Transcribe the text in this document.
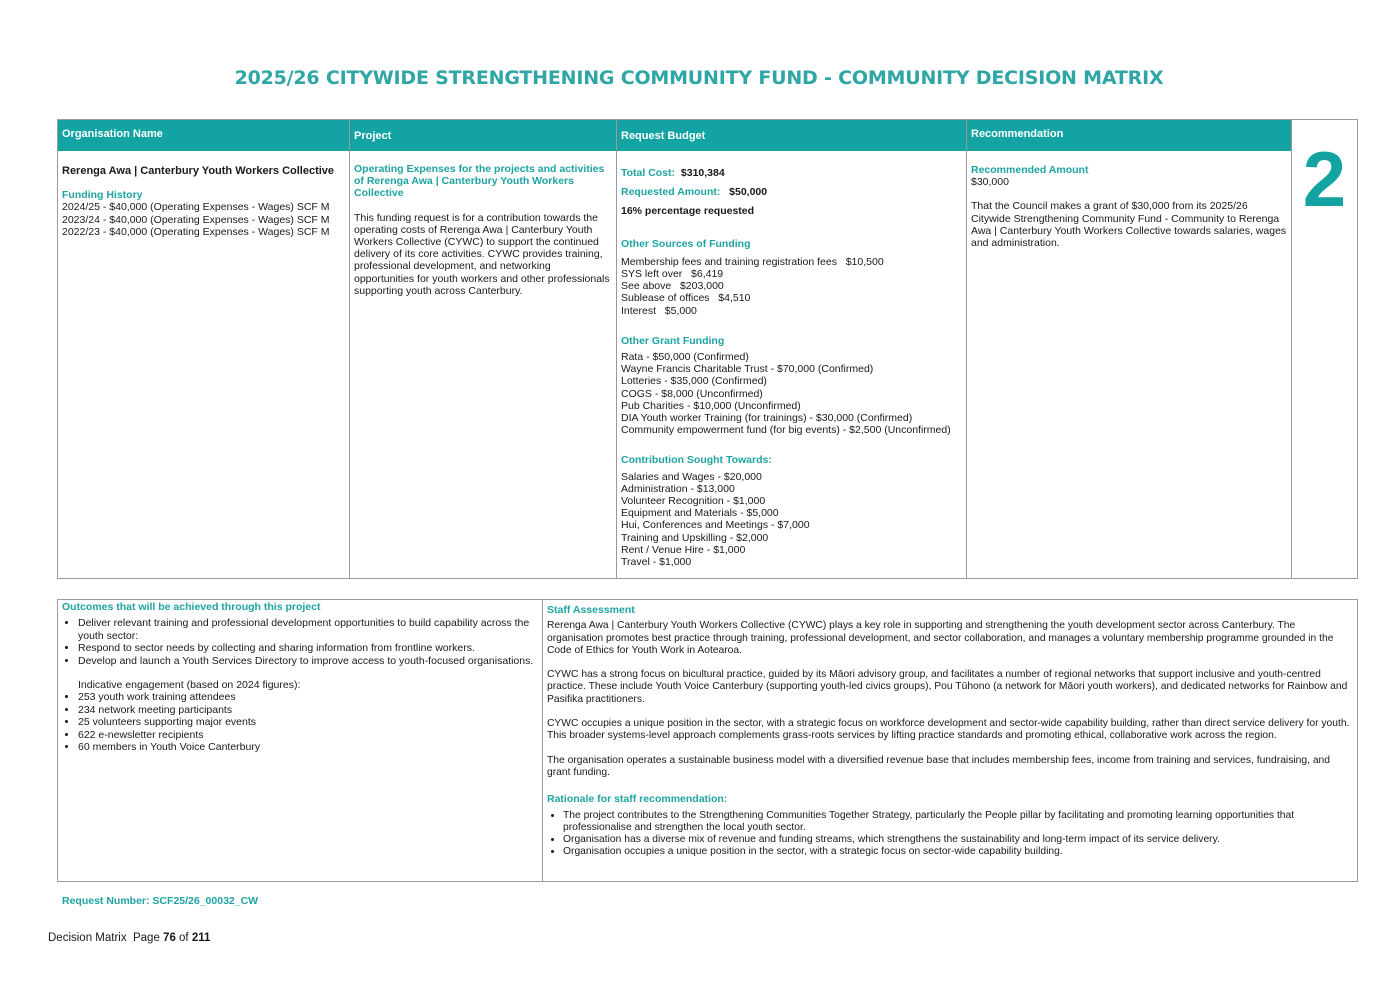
2025/26 CITYWIDE STRENGTHENING COMMUNITY FUND - COMMUNITY DECISION MATRIX
Organisation Name
Rerenga Awa | Canterbury Youth Workers Collective
Funding History
2024/25 - $40,000 (Operating Expenses - Wages) SCF M
2023/24 - $40,000 (Operating Expenses - Wages) SCF M
2022/23 - $40,000 (Operating Expenses - Wages) SCF M
Project
Operating Expenses for the projects and activities of Rerenga Awa | Canterbury Youth Workers Collective
This funding request is for a contribution towards the operating costs of Rerenga Awa | Canterbury Youth Workers Collective (CYWC) to support the continued delivery of its core activities. CYWC provides training, professional development, and networking opportunities for youth workers and other professionals supporting youth across Canterbury.
Request Budget
Total Cost: $310,384
Requested Amount: $50,000
16% percentage requested
Other Sources of Funding
Membership fees and training registration fees   $10,500
SYS left over   $6,419
See above   $203,000
Sublease of offices   $4,510
Interest   $5,000
Other Grant Funding
Rata - $50,000 (Confirmed)
Wayne Francis Charitable Trust - $70,000 (Confirmed)
Lotteries - $35,000 (Confirmed)
COGS - $8,000 (Unconfirmed)
Pub Charities - $10,000 (Unconfirmed)
DIA Youth worker Training (for trainings) - $30,000 (Confirmed)
Community empowerment fund (for big events) - $2,500 (Unconfirmed)
Contribution Sought Towards:
Salaries and Wages - $20,000
Administration - $13,000
Volunteer Recognition - $1,000
Equipment and Materials - $5,000
Hui, Conferences and Meetings - $7,000
Training and Upskilling - $2,000
Rent / Venue Hire - $1,000
Travel - $1,000
Recommendation
Recommended Amount
$30,000
That the Council makes a grant of $30,000 from its 2025/26 Citywide Strengthening Community Fund - Community to Rerenga Awa | Canterbury Youth Workers Collective towards salaries, wages and administration.
2
Outcomes that will be achieved through this project
• Deliver relevant training and professional development opportunities to build capability across the youth sector:
• Respond to sector needs by collecting and sharing information from frontline workers.
• Develop and launch a Youth Services Directory to improve access to youth-focused organisations.
Indicative engagement (based on 2024 figures):
• 253 youth work training attendees
• 234 network meeting participants
• 25 volunteers supporting major events
• 622 e-newsletter recipients
• 60 members in Youth Voice Canterbury
Staff Assessment

Rerenga Awa | Canterbury Youth Workers Collective (CYWC) plays a key role in supporting and strengthening the youth development sector across Canterbury. The organisation promotes best practice through training, professional development, and sector collaboration, and manages a voluntary membership programme grounded in the Code of Ethics for Youth Work in Aotearoa.

CYWC has a strong focus on bicultural practice, guided by its Māori advisory group, and facilitates a number of regional networks that support inclusive and youth-centred practice. These include Youth Voice Canterbury (supporting youth-led civics groups), Pou Tūhono (a network for Māori youth workers), and dedicated networks for Rainbow and Pasifika practitioners.

CYWC occupies a unique position in the sector, with a strategic focus on workforce development and sector-wide capability building, rather than direct service delivery for youth. This broader systems-level approach complements grass-roots services by lifting practice standards and promoting ethical, collaborative work across the region.

The organisation operates a sustainable business model with a diversified revenue base that includes membership fees, income from training and services, fundraising, and grant funding.

Rationale for staff recommendation:
• The project contributes to the Strengthening Communities Together Strategy, particularly the People pillar by facilitating and promoting learning opportunities that professionalise and strengthen the local youth sector.
• Organisation has a diverse mix of revenue and funding streams, which strengthens the sustainability and long-term impact of its service delivery.
• Organisation occupies a unique position in the sector, with a strategic focus on sector-wide capability building.
Request Number: SCF25/26_00032_CW
Decision Matrix  Page 76 of 211
